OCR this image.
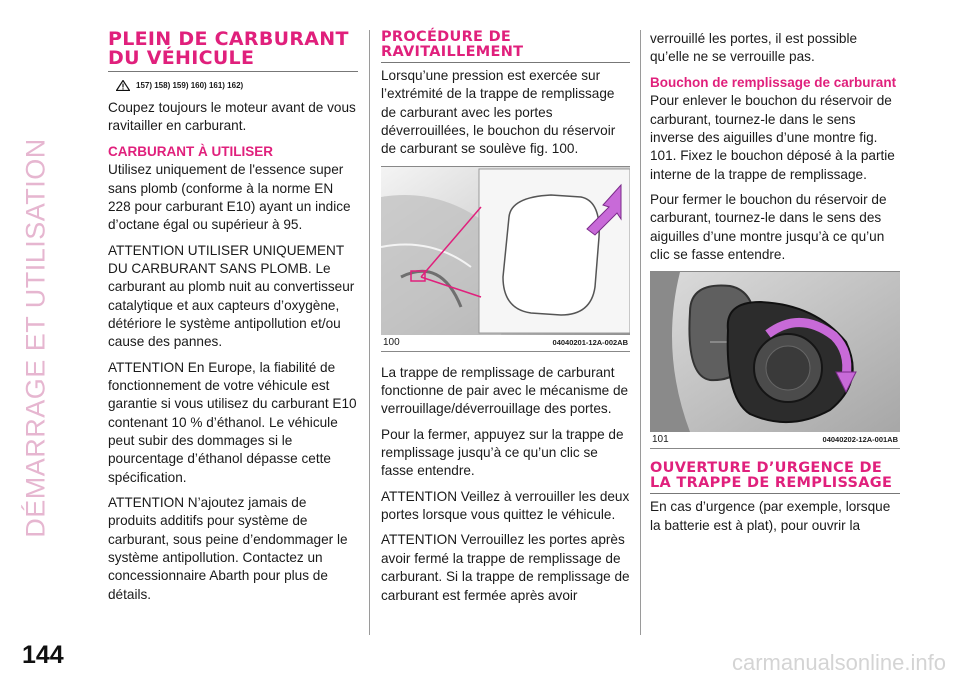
DÉMARRAGE ET UTILISATION
144	carmanualsonline.info
PLEIN DE CARBURANT DU VÉHICULE
157) 158) 159) 160) 161) 162)

Coupez toujours le moteur avant de vous ravitailler en carburant.

CARBURANT À UTILISER

Utilisez uniquement de l'essence super sans plomb (conforme à la norme EN 228 pour carburant E10) ayant un indice d’octane égal ou supérieur à 95.

ATTENTION UTILISER UNIQUEMENT DU CARBURANT SANS PLOMB. Le carburant au plomb nuit au convertisseur catalytique et aux capteurs d’oxygène, détériore le système antipollution et/ou cause des pannes.

ATTENTION En Europe, la fiabilité de fonctionnement de votre véhicule est garantie si vous utilisez du carburant E10 contenant 10 % d’éthanol. Le véhicule peut subir des dommages si le pourcentage d’éthanol dépasse cette spécification.

ATTENTION N’ajoutez jamais de produits additifs pour système de carburant, sous peine d’endommager le système antipollution. Contactez un concessionnaire Abarth pour plus de détails.

PROCÉDURE DE RAVITAILLEMENT

Lorsqu’une pression est exercée sur l’extrémité de la trappe de remplissage de carburant avec les portes déverrouillées, le bouchon du réservoir de carburant se soulève fig. 100.

100	04040201-12A-002AB

La trappe de remplissage de carburant fonctionne de pair avec le mécanisme de verrouillage/déverrouillage des portes.

Pour la fermer, appuyez sur la trappe de remplissage jusqu’à ce qu’un clic se fasse entendre.

ATTENTION Veillez à verrouiller les deux portes lorsque vous quittez le véhicule.

ATTENTION Verrouillez les portes après avoir fermé la trappe de remplissage de carburant. Si la trappe de remplissage de carburant est fermée après avoir

verrouillé les portes, il est possible qu’elle ne se verrouille pas.

Bouchon de remplissage de carburant

Pour enlever le bouchon du réservoir de carburant, tournez-le dans le sens inverse des aiguilles d’une montre fig. 101. Fixez le bouchon déposé à la partie interne de la trappe de remplissage.

Pour fermer le bouchon du réservoir de carburant, tournez-le dans le sens des aiguilles d’une montre jusqu’à ce qu’un clic se fasse entendre.

101	04040202-12A-001AB
OUVERTURE D’URGENCE DE LA TRAPPE DE REMPLISSAGE

En cas d’urgence (par exemple, lorsque la batterie est à plat), pour ouvrir la
